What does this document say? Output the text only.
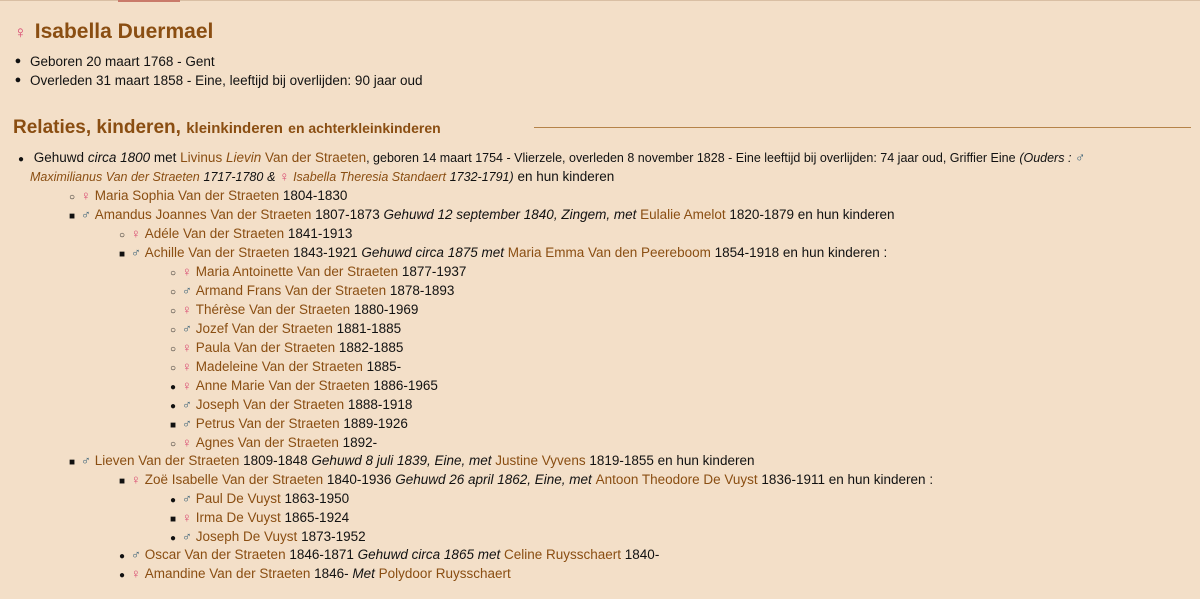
♀ Isabella Duermael
● Geboren 20 maart 1768 - Gent
● Overleden 31 maart 1858 - Eine, leeftijd bij overlijden: 90 jaar oud
Relaties, kinderen, kleinkinderen en achterkleinkinderen
● Gehuwd circa 1800 met Livinus Lievin Van der Straeten, geboren 14 maart 1754 - Vlierzele, overleden 8 november 1828 - Eine leeftijd bij overlijden: 74 jaar oud, Griffier Eine (Ouders : ♂
Maximilianus Van der Straeten 1717-1780 & ♀ Isabella Theresia Standaert 1732-1791) en hun kinderen
○ ♀ Maria Sophia Van der Straeten 1804-1830
■ ♂ Amandus Joannes Van der Straeten 1807-1873 Gehuwd 12 september 1840, Zingem, met Eulalie Amelot 1820-1879 en hun kinderen
○ ♀ Adéle Van der Straeten 1841-1913
■ ♂ Achille Van der Straeten 1843-1921 Gehuwd circa 1875 met Maria Emma Van den Peereboom 1854-1918 en hun kinderen :
○ ♀ Maria Antoinette Van der Straeten 1877-1937
○ ♂ Armand Frans Van der Straeten 1878-1893
○ ♀ Thérèse Van der Straeten 1880-1969
○ ♂ Jozef Van der Straeten 1881-1885
○ ♀ Paula Van der Straeten 1882-1885
○ ♀ Madeleine Van der Straeten 1885-
● ♀ Anne Marie Van der Straeten 1886-1965
● ♂ Joseph Van der Straeten 1888-1918
■ ♂ Petrus Van der Straeten 1889-1926
○ ♀ Agnes Van der Straeten 1892-
■ ♂ Lieven Van der Straeten 1809-1848 Gehuwd 8 juli 1839, Eine, met Justine Vyvens 1819-1855 en hun kinderen
■ ♀ Zoë Isabelle Van der Straeten 1840-1936 Gehuwd 26 april 1862, Eine, met Antoon Theodore De Vuyst 1836-1911 en hun kinderen :
● ♂ Paul De Vuyst 1863-1950
■ ♀ Irma De Vuyst 1865-1924
● ♂ Joseph De Vuyst 1873-1952
● ♂ Oscar Van der Straeten 1846-1871 Gehuwd circa 1865 met Celine Ruysschaert 1840-
● ♀ Amandine Van der Straeten 1846- Met Polydoor Ruysschaert
